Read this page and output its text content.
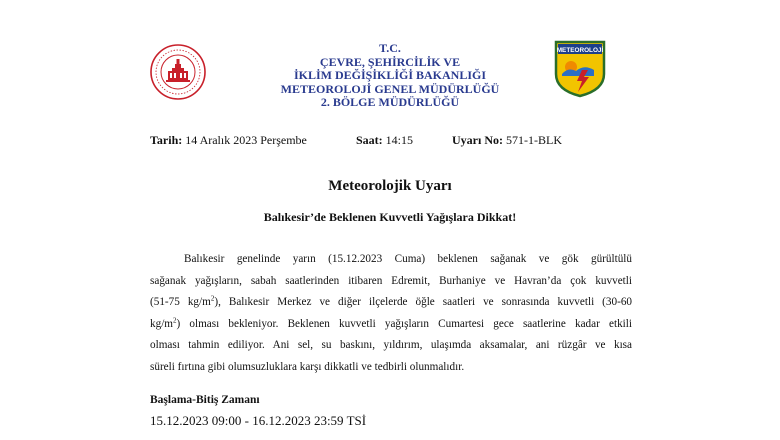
T.C.
ÇEVRE, ŞEHİRCİLİK VE
İKLİM DEĞİŞİKLİĞİ BAKANLIĞI
METEOROLOJİ GENEL MÜDÜRLÜĞÜ
2. BÖLGE MÜDÜRLÜĞÜ
METEOROLOJİ
Tarih: 14 Aralık 2023 Perşembe	Saat: 14:15	Uyarı No: 571-1-BLK
Meteorolojik Uyarı
Balıkesir’de Beklenen Kuvvetli Yağışlara Dikkat!
Balıkesir genelinde yarın (15.12.2023 Cuma) beklenen sağanak ve gök gürültülü
sağanak yağışların, sabah saatlerinden itibaren Edremit, Burhaniye ve Havran’da çok kuvvetli
(51-75 $kg/m^2$), Balıkesir Merkez ve diğer ilçelerde öğle saatleri ve sonrasında kuvvetli (30-60
$kg/m^2$) olması bekleniyor. Beklenen kuvvetli yağışların Cumartesi gece saatlerine kadar etkili
olması tahmin ediliyor. Ani sel, su baskını, yıldırım, ulaşımda aksamalar, ani rüzgâr ve kısa
süreli fırtına gibi olumsuzluklara karşı dikkatli ve tedbirli olunmalıdır.
Başlama-Bitiş Zamanı
15.12.2023 09:00 - 16.12.2023 23:59 TSİ
